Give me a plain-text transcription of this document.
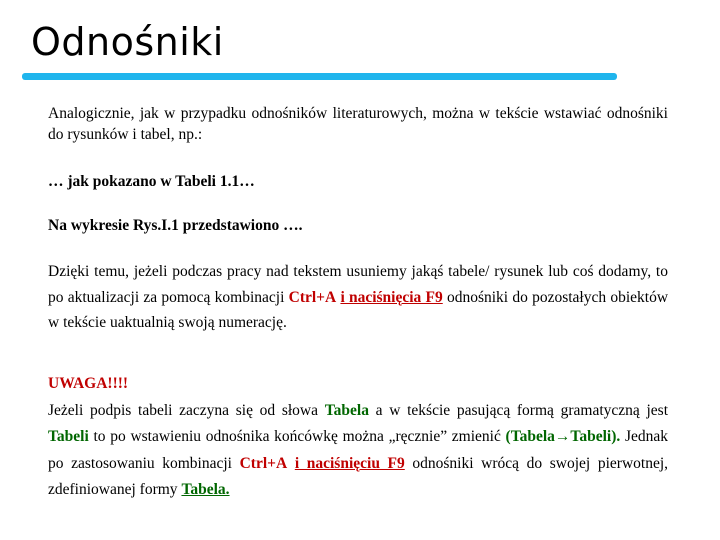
Odnośniki
Analogicznie, jak w przypadku odnośników literaturowych, można w tekście wstawiać odnośniki do rysunków i tabel, np.:
… jak pokazano w Tabeli 1.1…
Na wykresie Rys.I.1 przedstawiono ….
Dzięki temu, jeżeli podczas pracy nad tekstem usuniemy jakąś tabele/ rysunek lub coś dodamy, to po aktualizacji za pomocą kombinacji Ctrl+A i naciśnięcia F9 odnośniki do pozostałych obiektów w tekście uaktualnią swoją numerację.
UWAGA!!!!
Jeżeli podpis tabeli zaczyna się od słowa Tabela a w tekście pasującą formą gramatyczną jest Tabeli to po wstawieniu odnośnika końcówkę można „ręcznie” zmienić (Tabela→Tabeli). Jednak po zastosowaniu kombinacji Ctrl+A i naciśnięciu F9 odnośniki wrócą do swojej pierwotnej, zdefiniowanej formy Tabela.
